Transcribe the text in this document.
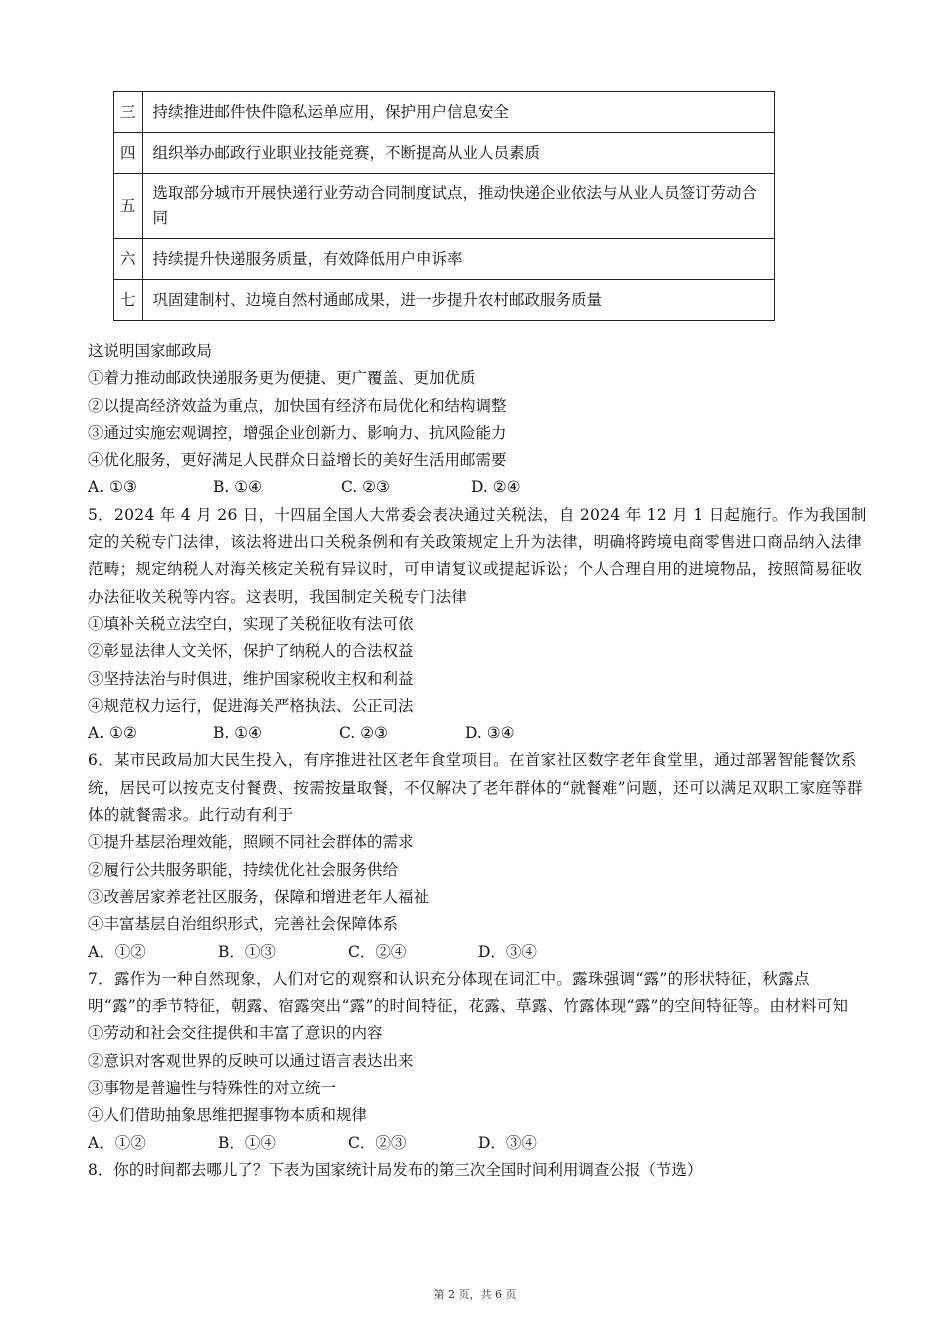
三	持续推进邮件快件隐私运单应用，保护用户信息安全
四	组织举办邮政行业职业技能竞赛，不断提高从业人员素质
五	选取部分城市开展快递行业劳动合同制度试点，推动快递企业依法与从业人员签订劳动合同
六	持续提升快递服务质量，有效降低用户申诉率
七	巩固建制村、边境自然村通邮成果，进一步提升农村邮政服务质量
这说明国家邮政局
①着力推动邮政快递服务更为便捷、更广覆盖、更加优质
②以提高经济效益为重点，加快国有经济布局优化和结构调整
③通过实施宏观调控，增强企业创新力、影响力、抗风险能力
④优化服务，更好满足人民群众日益增长的美好生活用邮需要
A. ①③	B. ①④	C. ②③	D. ②④
5．2024 年 4 月 26 日，十四届全国人大常委会表决通过关税法，自 2024 年 12 月 1 日起施行。作为我国制定的关税专门法律，该法将进出口关税条例和有关政策规定上升为法律，明确将跨境电商零售进口商品纳入法律范畴；规定纳税人对海关核定关税有异议时，可申请复议或提起诉讼；个人合理自用的进境物品，按照简易征收办法征收关税等内容。这表明，我国制定关税专门法律
①填补关税立法空白，实现了关税征收有法可依
②彰显法律人文关怀，保护了纳税人的合法权益
③坚持法治与时俱进，维护国家税收主权和利益
④规范权力运行，促进海关严格执法、公正司法
A. ①②	B. ①④	C. ②③	D. ③④
6．某市民政局加大民生投入，有序推进社区老年食堂项目。在首家社区数字老年食堂里，通过部署智能餐饮系统，居民可以按克支付餐费、按需按量取餐，不仅解决了老年群体的“就餐难”问题，还可以满足双职工家庭等群体的就餐需求。此行动有利于
①提升基层治理效能，照顾不同社会群体的需求
②履行公共服务职能，持续优化社会服务供给
③改善居家养老社区服务，保障和增进老年人福祉
④丰富基层自治组织形式，完善社会保障体系
A．①②	B．①③	C．②④	D．③④
7．露作为一种自然现象，人们对它的观察和认识充分体现在词汇中。露珠强调“露”的形状特征，秋露点明“露”的季节特征，朝露、宿露突出“露”的时间特征，花露、草露、竹露体现“露”的空间特征等。由材料可知
①劳动和社会交往提供和丰富了意识的内容
②意识对客观世界的反映可以通过语言表达出来
③事物是普遍性与特殊性的对立统一
④人们借助抽象思维把握事物本质和规律
A．①②	B．①④	C．②③	D．③④
8．你的时间都去哪儿了？下表为国家统计局发布的第三次全国时间利用调查公报（节选）
第 2 页，共 6 页
